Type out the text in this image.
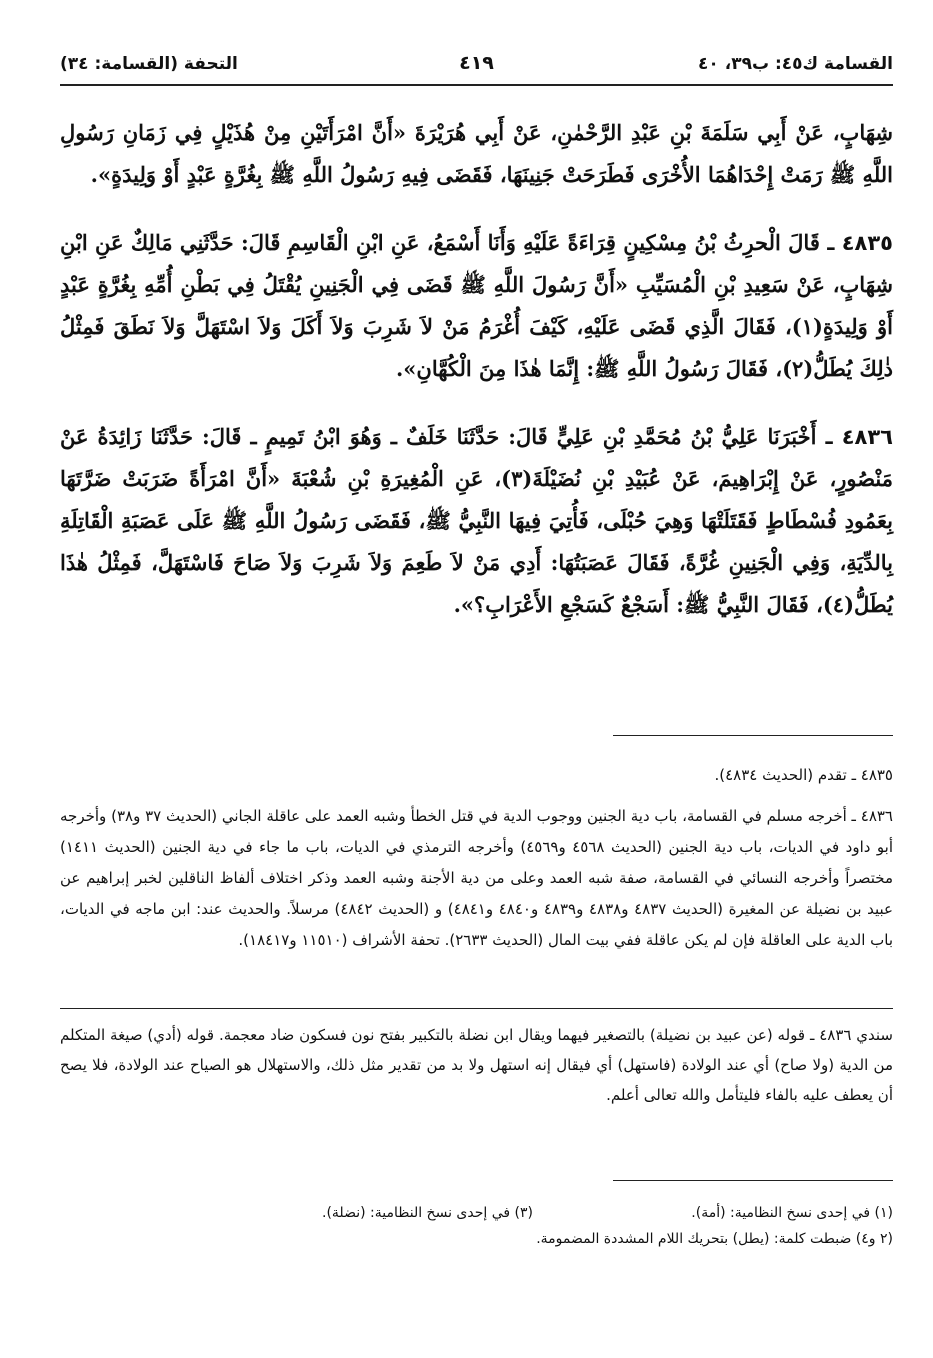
القسامة ك٤٥: ب٣٩، ٤٠
٤١٩
التحفة (القسامة: ٣٤)

شِهَابٍ، عَنْ أَبِي سَلَمَةَ بْنِ عَبْدِ الرَّحْمٰنِ، عَنْ أَبِي هُرَيْرَةَ «أَنَّ امْرَأَتَيْنِ مِنْ هُذَيْلٍ فِي زَمَانِ رَسُولِ اللَّهِ ﷺ رَمَتْ إِحْدَاهُمَا الأُخْرَى فَطَرَحَتْ جَنِينَهَا، فَقَضَى فِيهِ رَسُولُ اللَّهِ ﷺ بِغُرَّةٍ عَبْدٍ أَوْ وَلِيدَةٍ».

٤٨٣٥ ـ قَالَ الْحرِثُ بْنُ مِسْكِينٍ قِرَاءَةً عَلَيْهِ وَأَنَا أَسْمَعُ، عَنِ ابْنِ الْقَاسِمِ قَالَ: حَدَّثَنِي مَالِكٌ عَنِ ابْنِ شِهَابٍ، عَنْ سَعِيدِ بْنِ الْمُسَيِّبِ «أَنَّ رَسُولَ اللَّهِ ﷺ قَضَى فِي الْجَنِينِ يُقْتَلُ فِي بَطْنِ أُمِّهِ بِغُرَّةٍ عَبْدٍ أَوْ وَلِيدَةٍ(١)، فَقَالَ الَّذِي قَضَى عَلَيْهِ، كَيْفَ أُغْرَمُ مَنْ لاَ شَرِبَ وَلاَ أَكَلَ وَلاَ اسْتَهَلَّ وَلاَ نَطَقَ فَمِثْلُ ذٰلِكَ يُطَلُّ(٢)، فَقَالَ رَسُولُ اللَّهِ ﷺ: إِنَّمَا هٰذَا مِنَ الْكُهَّانِ».

٤٨٣٦ ـ أَخْبَرَنَا عَلِيُّ بْنُ مُحَمَّدِ بْنِ عَلِيٍّ قَالَ: حَدَّثَنَا خَلَفٌ ـ وَهُوَ ابْنُ تَمِيمٍ ـ قَالَ: حَدَّثَنَا زَائِدَةُ عَنْ مَنْصُورٍ، عَنْ إِبْرَاهِيمَ، عَنْ عُبَيْدِ بْنِ نُضَيْلَةَ(٣)، عَنِ الْمُغِيرَةِ بْنِ شُعْبَةَ «أَنَّ امْرَأَةً ضَرَبَتْ ضَرَّتَهَا بِعَمُودِ فُسْطَاطٍ فَقَتَلَتْهَا وَهِيَ حُبْلَى، فَأُتِيَ فِيهَا النَّبِيُّ ﷺ، فَقَضَى رَسُولُ اللَّهِ ﷺ عَلَى عَصَبَةِ الْقَاتِلَةِ بِالدِّيَةِ، وَفِي الْجَنِينِ غُرَّةً، فَقَالَ عَصَبَتُهَا: أَدِي مَنْ لاَ طَعِمَ وَلاَ شَرِبَ وَلاَ صَاحَ فَاسْتَهَلَّ، فَمِثْلُ هٰذَا يُطَلُّ(٤)، فَقَالَ النَّبِيُّ ﷺ: أَسَجْعٌ كَسَجْعِ الأَعْرَابِ؟».

٤٨٣٥ ـ تقدم (الحديث ٤٨٣٤).

٤٨٣٦ ـ أخرجه مسلم في القسامة، باب دية الجنين ووجوب الدية في قتل الخطأ وشبه العمد على عاقلة الجاني (الحديث ٣٧ و٣٨) وأخرجه أبو داود في الديات، باب دية الجنين (الحديث ٤٥٦٨ و٤٥٦٩) وأخرجه الترمذي في الديات، باب ما جاء في دية الجنين (الحديث ١٤١١) مختصراً وأخرجه النسائي في القسامة، صفة شبه العمد وعلى من دية الأجنة وشبه العمد وذكر اختلاف ألفاظ الناقلين لخبر إبراهيم عن عبيد بن نضيلة عن المغيرة (الحديث ٤٨٣٧ و٤٨٣٨ و٤٨٣٩ و٤٨٤٠ و٤٨٤١) و (الحديث ٤٨٤٢) مرسلاً. والحديث عند: ابن ماجه في الديات، باب الدية على العاقلة فإن لم يكن عاقلة ففي بيت المال (الحديث ٢٦٣٣). تحفة الأشراف (١١٥١٠ و١٨٤١٧).

سندي ٤٨٣٦ ـ قوله (عن عبيد بن نضيلة) بالتصغير فيهما ويقال ابن نضلة بالتكبير بفتح نون فسكون ضاد معجمة. قوله (أدي) صيغة المتكلم من الدية (ولا صاح) أي عند الولادة (فاستهل) أي فيقال إنه استهل ولا بد من تقدير مثل ذلك، والاستهلال هو الصياح عند الولادة، فلا يصح أن يعطف عليه بالفاء فليتأمل والله تعالى أعلم.
(١) في إحدى نسخ النظامية: (أمة).
(٣) في إحدى نسخ النظامية: (نضلة).
(٢ و٤) ضبطت كلمة: (يطل) بتحريك اللام المشددة المضمومة.
